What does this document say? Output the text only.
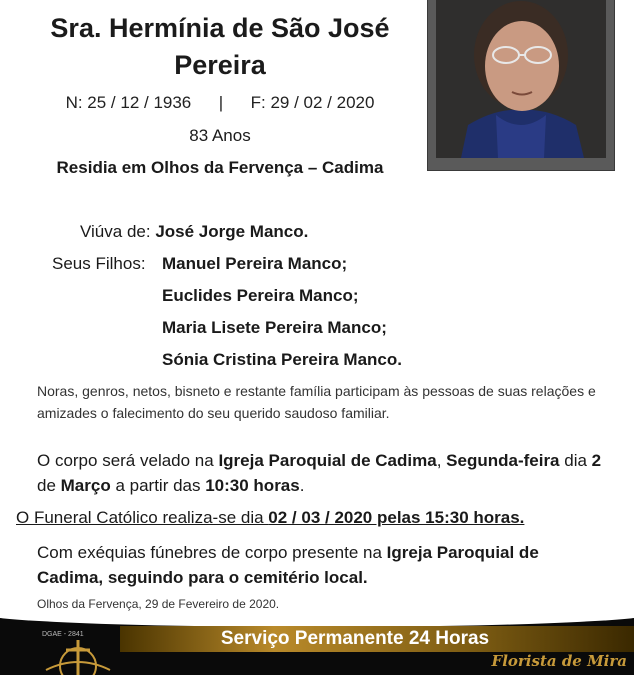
Sra. Hermínia de São José
Pereira
N: 25 / 12 / 1936 | F: 29 / 02 / 2020
83 Anos
Residia em Olhos da Fervença – Cadima
Viúva de: José Jorge Manco.
Seus Filhos: Manuel Pereira Manco;
Euclides Pereira Manco;
Maria Lisete Pereira Manco;
Sónia Cristina Pereira Manco.
Noras, genros, netos, bisneto e restante família participam às pessoas de suas relações e amizades o falecimento do seu querido saudoso familiar.
O corpo será velado na Igreja Paroquial de Cadima, Segunda-feira dia 2 de Março a partir das 10:30 horas.
O Funeral Católico realiza-se dia 02 / 03 / 2020 pelas 15:30 horas.
Com exéquias fúnebres de corpo presente na Igreja Paroquial de Cadima, seguindo para o cemitério local.
Olhos da Fervença, 29 de Fevereiro de 2020.
Serviço Permanente 24 Horas
DGAE - 2841
Florista de Mira
